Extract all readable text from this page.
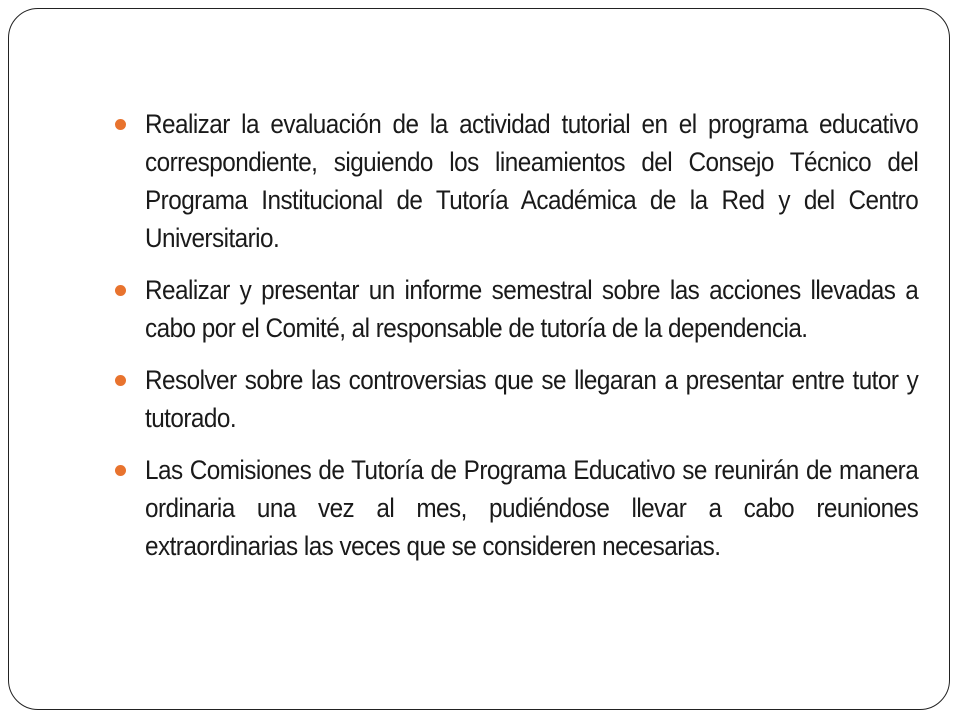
Realizar la evaluación de la actividad tutorial en el programa educativo correspondiente, siguiendo los lineamientos del Consejo Técnico del Programa Institucional de Tutoría Académica de la Red y del Centro Universitario.
Realizar y presentar un informe semestral sobre las acciones llevadas a cabo por el Comité, al responsable de tutoría de la dependencia.
Resolver sobre las controversias que se llegaran a presentar entre tutor y tutorado.
Las Comisiones de Tutoría de Programa Educativo se reunirán de manera ordinaria una vez al mes, pudiéndose llevar a cabo reuniones extraordinarias las veces que se consideren necesarias.
